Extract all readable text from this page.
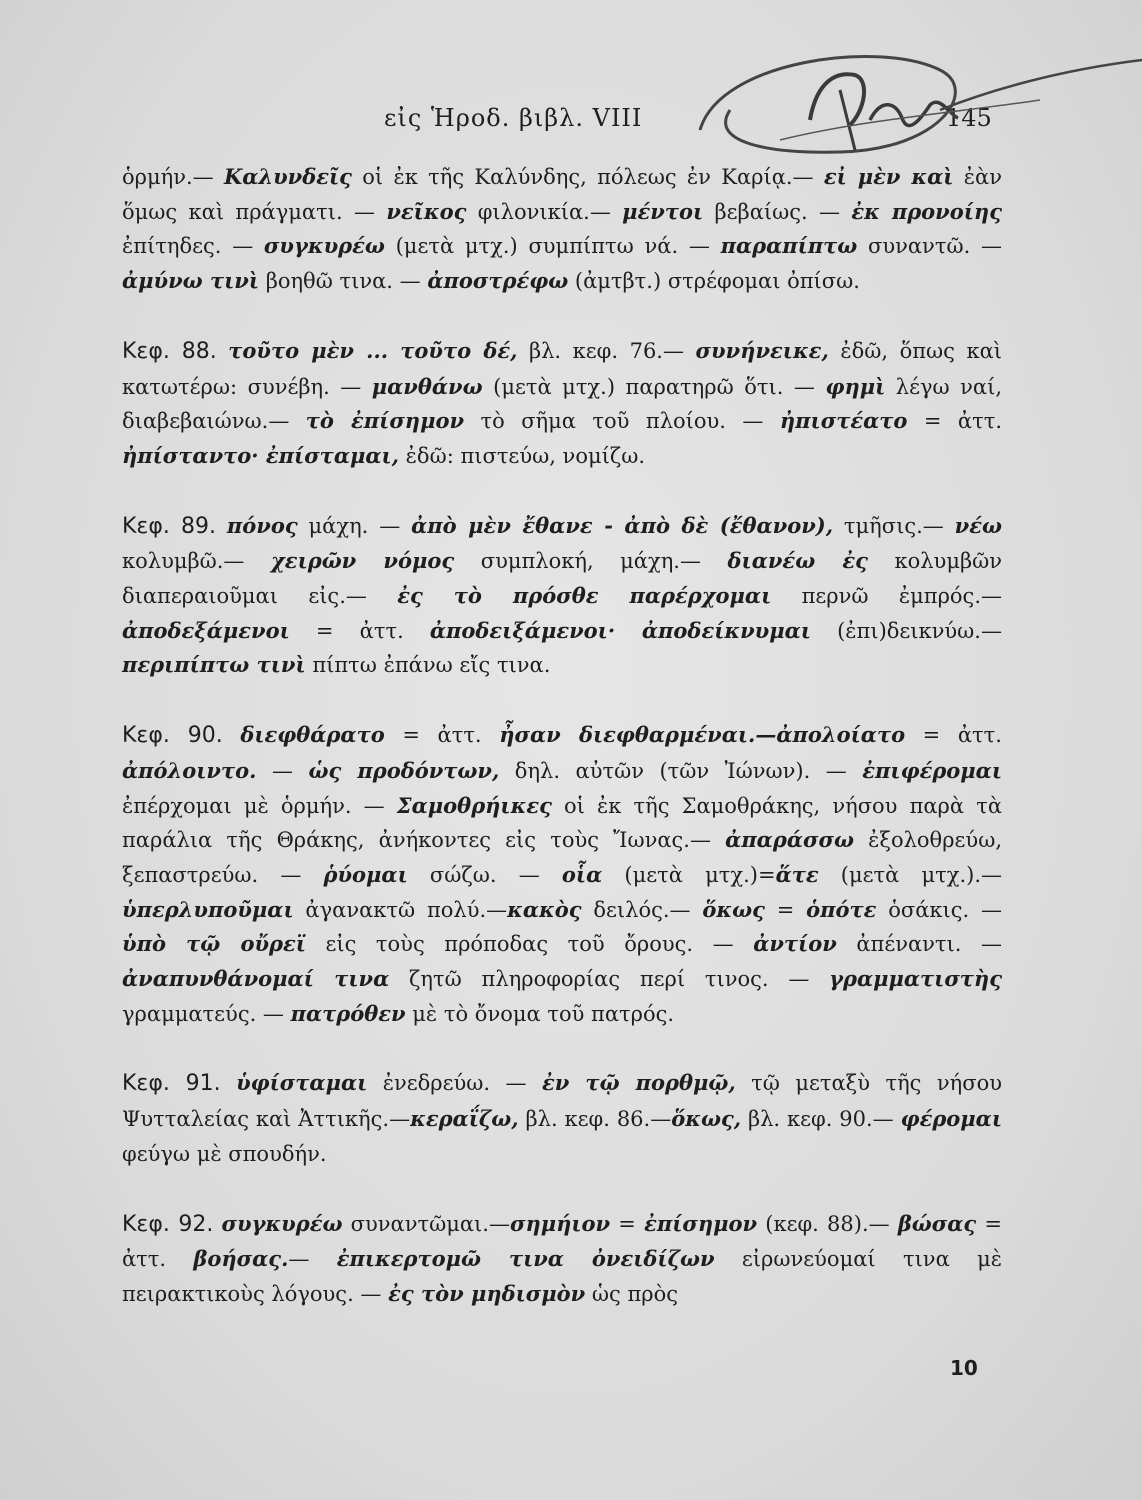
εἰς Ἡροδ. βιβλ. VIII	145

ὁρμήν.— Καλυνδεῖς οἱ ἐκ τῆς Καλύνδης, πόλεως ἐν Καρίᾳ.— εἰ μὲν καὶ ἐὰν ὅμως καὶ πράγματι. — νεῖκος φιλονικία.— μέντοι βεβαίως. — ἐκ προνοίης ἐπίτηδες. — συγκυρέω (μετὰ μτχ.) συμπίπτω νά. — παραπίπτω συναντῶ. — ἀμύνω τινὶ βοηθῶ τινα. — ἀποστρέφω (ἀμτβτ.) στρέφομαι ὀπίσω.

Κεφ. 88. τοῦτο μὲν ... τοῦτο δέ, βλ. κεφ. 76.— συνήνεικε, ἐδῶ, ὅπως καὶ κατωτέρω: συνέβη. — μανθάνω (μετὰ μτχ.) παρατηρῶ ὅτι. — φημὶ λέγω ναί, διαβεβαιώνω.— τὸ ἐπίσημον τὸ σῆμα τοῦ πλοίου. — ἠπιστέατο = ἀττ. ἠπίσταντο· ἐπίσταμαι, ἐδῶ: πιστεύω, νομίζω.

Κεφ. 89. πόνος μάχη. — ἀπὸ μὲν ἔθανε - ἀπὸ δὲ (ἔθανον), τμῆσις.— νέω κολυμβῶ.— χειρῶν νόμος συμπλοκή, μάχη.— διανέω ἐς κολυμβῶν διαπεραιοῦμαι εἰς.— ἐς τὸ πρόσθε παρέρχομαι περνῶ ἐμπρός.— ἀποδεξάμενοι = ἀττ. ἀποδειξάμενοι· ἀποδείκνυμαι (ἐπι)δεικνύω.— περιπίπτω τινὶ πίπτω ἐπάνω εἴς τινα.

Κεφ. 90. διεφθάρατο = ἀττ. ἦσαν διεφθαρμέναι.—ἀπολοίατο = ἀττ. ἀπόλοιντο. — ὡς προδόντων, δηλ. αὐτῶν (τῶν Ἰώνων). — ἐπιφέρομαι ἐπέρχομαι μὲ ὁρμήν. — Σαμοθρήικες οἱ ἐκ τῆς Σαμοθράκης, νήσου παρὰ τὰ παράλια τῆς Θράκης, ἀνήκοντες εἰς τοὺς Ἴωνας.— ἀπαράσσω ἐξολοθρεύω, ξεπαστρεύω. — ῥύομαι σώζω. — οἷα (μετὰ μτχ.)=ἅτε (μετὰ μτχ.).—ὑπερλυποῦμαι ἀγανακτῶ πολύ.—κακὸς δειλός.— ὅκως = ὁπότε ὁσάκις. — ὑπὸ τῷ οὔρεϊ εἰς τοὺς πρόποδας τοῦ ὄρους. — ἀντίον ἀπέναντι. — ἀναπυνθάνομαί τινα ζητῶ πληροφορίας περί τινος. — γραμματιστὴς γραμματεύς. — πατρόθεν μὲ τὸ ὄνομα τοῦ πατρός.

Κεφ. 91. ὑφίσταμαι ἐνεδρεύω. — ἐν τῷ πορθμῷ, τῷ μεταξὺ τῆς νήσου Ψυτταλείας καὶ Ἀττικῆς.—κεραΐζω, βλ. κεφ. 86.—ὅκως, βλ. κεφ. 90.— φέρομαι φεύγω μὲ σπουδήν.

Κεφ. 92. συγκυρέω συναντῶμαι.—σημήιον = ἐπίσημον (κεφ. 88).— βώσας = ἀττ. βοήσας.— ἐπικερτομῶ τινα ὀνειδίζων εἰρωνεύομαί τινα μὲ πειρακτικοὺς λόγους. — ἐς τὸν μηδισμὸν ὡς πρὸς

10
